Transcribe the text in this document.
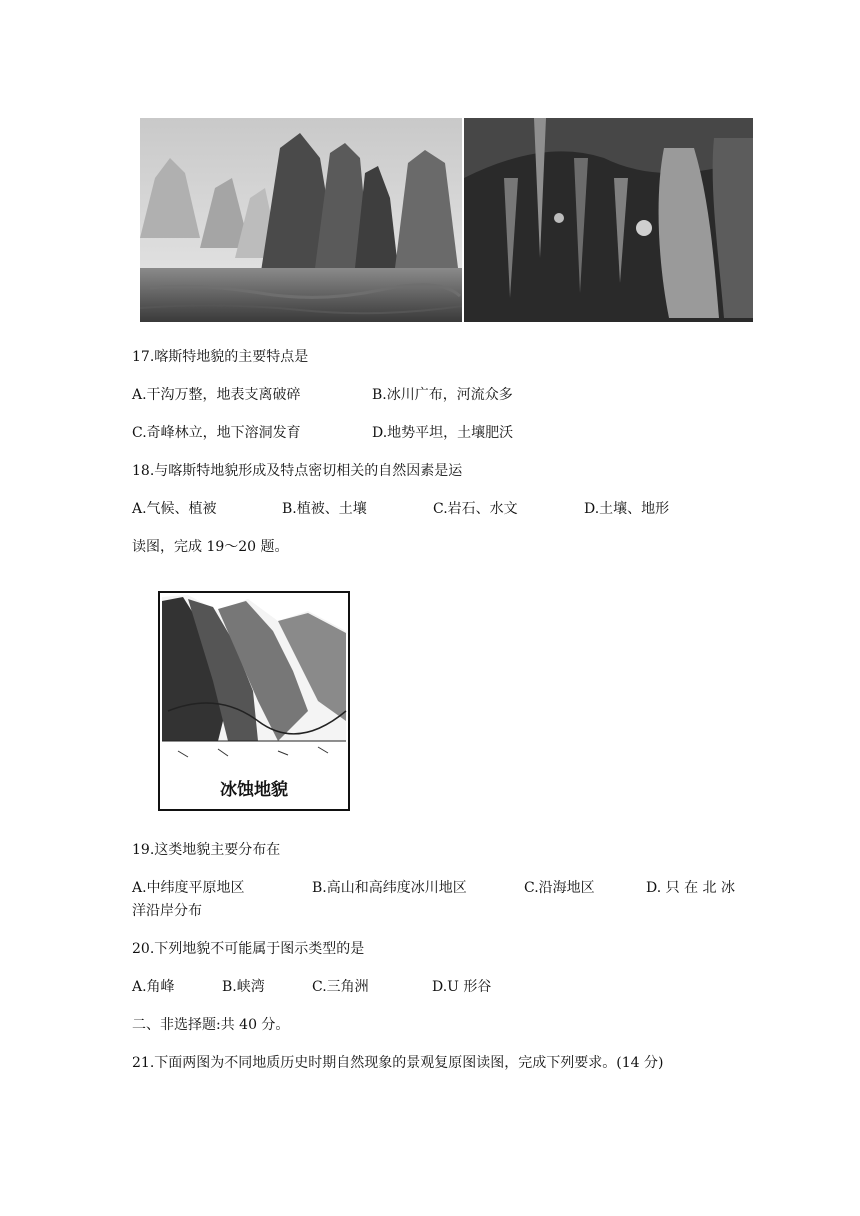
17.喀斯特地貌的主要特点是
A.干沟万整，地表支离破碎	B.冰川广布，河流众多
C.奇峰林立，地下溶洞发育	D.地势平坦，土壤肥沃
18.与喀斯特地貌形成及特点密切相关的自然因素是运
A.气候、植被	B.植被、土壤	C.岩石、水文	D.土壤、地形
读图，完成 19～20 题。
冰蚀地貌
19.这类地貌主要分布在
A.中纬度平原地区	B.高山和高纬度冰川地区	C.沿海地区	D. 只 在 北 冰
洋沿岸分布
20.下列地貌不可能属于图示类型的是
A.角峰	B.峡湾	C.三角洲	D.U 形谷
二、非选择题:共 40 分。
21.下面两图为不同地质历史时期自然现象的景观复原图读图，完成下列要求。(14 分)
